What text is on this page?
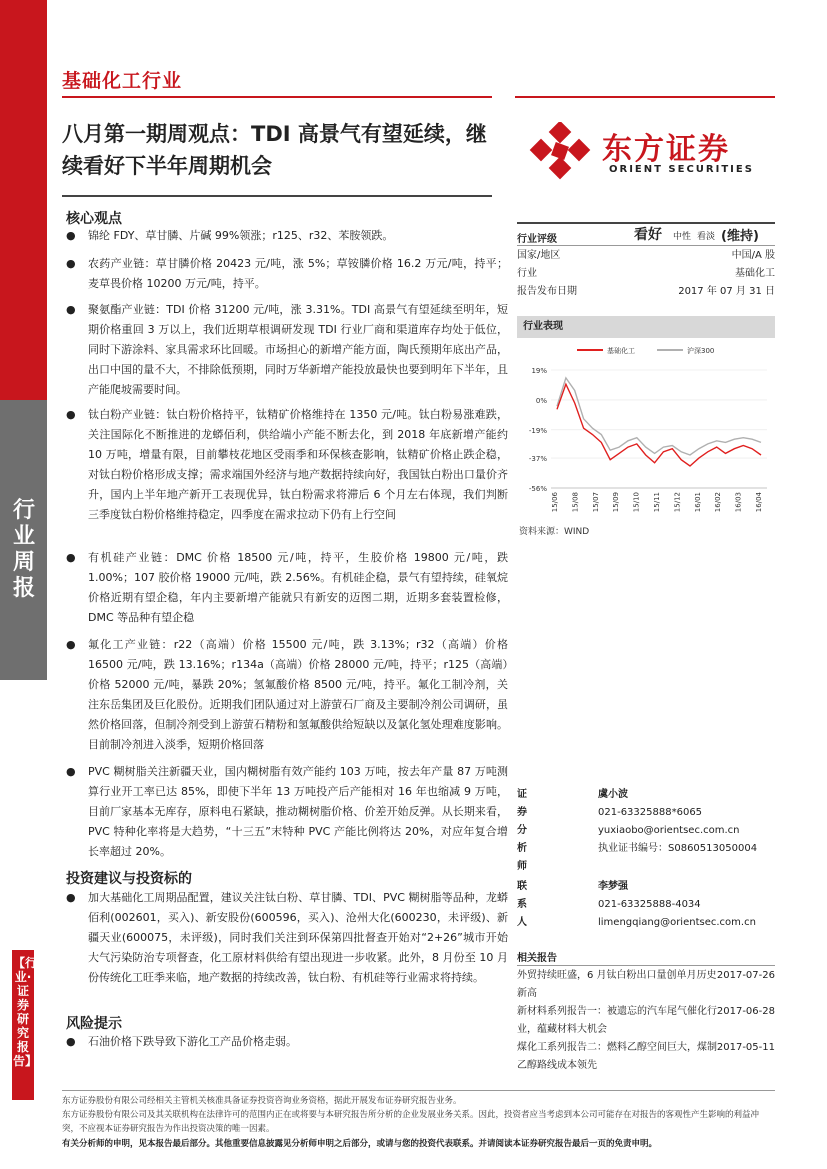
行业周报
【行业·证券研究报告】
基础化工行业
八月第一期周观点：TDI 高景气有望延续，继续看好下半年周期机会	东方证券
ORIENT SECURITIES
核心观点
● 锦纶 FDY、草甘膦、片碱 99%领涨；r125、r32、苯胺领跌。
● 农药产业链：草甘膦价格 20423 元/吨，涨 5%；草铵膦价格 16.2 万元/吨，持平；麦草畏价格 10200 万元/吨，持平。
● 聚氨酯产业链：TDI 价格 31200 元/吨，涨 3.31%。TDI 高景气有望延续至明年，短期价格重回 3 万以上，我们近期草根调研发现 TDI 行业厂商和渠道库存均处于低位，同时下游涂料、家具需求环比回暖。市场担心的新增产能方面，陶氏预期年底出产品，出口中国的量不大，不排除低预期，同时万华新增产能投放最快也要到明年下半年，且产能爬坡需要时间。
● 钛白粉产业链：钛白粉价格持平，钛精矿价格维持在 1350 元/吨。钛白粉易涨难跌，关注国际化不断推进的龙蟒佰利，供给端小产能不断去化，到 2018 年底新增产能约 10 万吨，增量有限，目前攀枝花地区受雨季和环保核查影响，钛精矿价格止跌企稳，对钛白粉价格形成支撑；需求端国外经济与地产数据持续向好，我国钛白粉出口量价齐升，国内上半年地产新开工表现优异，钛白粉需求将滞后 6 个月左右体现，我们判断三季度钛白粉价格维持稳定，四季度在需求拉动下仍有上行空间
● 有机硅产业链：DMC 价格 18500 元/吨，持平，生胶价格 19800 元/吨，跌 1.00%；107 胶价格 19000 元/吨，跌 2.56%。有机硅企稳，景气有望持续，硅氧烷价格近期有望企稳，年内主要新增产能就只有新安的迈图二期，近期多套装置检修，DMC 等品种有望企稳
● 氟化工产业链：r22（高端）价格 15500 元/吨，跌 3.13%；r32（高端）价格 16500 元/吨，跌 13.16%；r134a（高端）价格 28000 元/吨，持平；r125（高端）价格 52000 元/吨，暴跌 20%；氢氟酸价格 8500 元/吨，持平。氟化工制冷剂，关注东岳集团及巨化股份。近期我们团队通过对上游萤石厂商及主要制冷剂公司调研，虽然价格回落，但制冷剂受到上游萤石精粉和氢氟酸供给短缺以及氯化氢处理难度影响。目前制冷剂进入淡季，短期价格回落
● PVC 糊树脂关注新疆天业，国内糊树脂有效产能约 103 万吨，按去年产量 87 万吨测算行业开工率已达 85%，即使下半年 13 万吨投产后产能相对 16 年也缩减 9 万吨，目前厂家基本无库存，原料电石紧缺，推动糊树脂价格、价差开始反弹。从长期来看，PVC 特种化率将是大趋势，“十三五”末特种 PVC 产能比例将达 20%，对应年复合增长率超过 20%。
投资建议与投资标的
● 加大基础化工周期品配置，建议关注钛白粉、草甘膦、TDI、PVC 糊树脂等品种，龙蟒佰利(002601，买入)、新安股份(600596，买入)、沧州大化(600230，未评级)、新疆天业(600075，未评级)，同时我们关注到环保第四批督查开始对“2+26”城市开始大气污染防治专项督查，化工原材料供给有望出现进一步收紧。此外，8 月份至 10 月份传统化工旺季来临，地产数据的持续改善，钛白粉、有机硅等行业需求将持续。
风险提示
● 石油价格下跌导致下游化工产品价格走弱。
行业评级	看好 中性 看淡 (维持)
国家/地区	中国/A 股
行业	基础化工
报告发布日期	2017 年 07 月 31 日
行业表现
基础化工	沪深300
19%
0%
-19%
-37%
-56%
15/06 15/08 15/07 15/09 15/10 15/11 15/12 16/01 16/02 16/03 16/04
资料来源：WIND
证券分析师
虞小波
021-63325888*6065
yuxiaobo@orientsec.com.cn
执业证书编号：S0860513050004
联系人
李梦强
021-63325888-4034
limengqiang@orientsec.com.cn
相关报告
外贸持续旺盛，6 月钛白粉出口量创单月历史新高
2017-07-26
新材料系列报告一：被遗忘的汽车尾气催化行业，蕴藏材料大机会
2017-06-28
煤化工系列报告二：燃料乙醇空间巨大，煤制乙醇路线成本领先
2017-05-11
东方证券股份有限公司经相关主管机关核准具备证券投资咨询业务资格，据此开展发布证券研究报告业务。
东方证券股份有限公司及其关联机构在法律许可的范围内正在或将要与本研究报告所分析的企业发展业务关系。因此，投资者应当考虑到本公司可能存在对报告的客观性产生影响的利益冲突，不应视本证券研究报告为作出投资决策的唯一因素。
有关分析师的申明，见本报告最后部分。其他重要信息披露见分析师申明之后部分，或请与您的投资代表联系。并请阅读本证券研究报告最后一页的免责申明。
